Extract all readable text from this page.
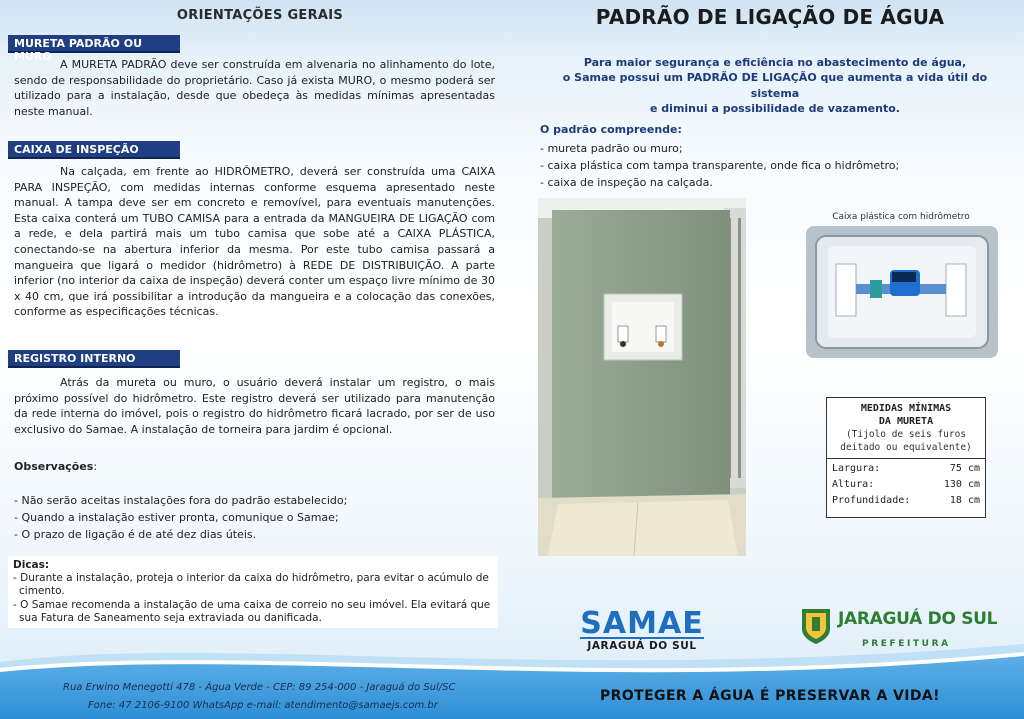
ORIENTAÇÕES GERAIS
MURETA PADRÃO OU MURO
A MURETA PADRÃO deve ser construída em alvenaria no alinhamento do lote, sendo de responsabilidade do proprietário. Caso já exista MURO, o mesmo poderá ser utilizado para a instalação, desde que obedeça às medidas mínimas apresentadas neste manual.
CAIXA DE INSPEÇÃO
Na calçada, em frente ao HIDRÔMETRO, deverá ser construída uma CAIXA PARA INSPEÇÃO, com medidas internas conforme esquema apresentado neste manual. A tampa deve ser em concreto e removível, para eventuais manutenções. Esta caixa conterá um TUBO CAMISA para a entrada da MANGUEIRA DE LIGAÇÃO com a rede, e dela partirá mais um tubo camisa que sobe até a CAIXA PLÁSTICA, conectando-se na abertura inferior da mesma. Por este tubo camisa passará a mangueira que ligará o medidor (hidrômetro) à REDE DE DISTRIBUIÇÃO. A parte inferior (no interior da caixa de inspeção) deverá conter um espaço livre mínimo de 30 x 40 cm, que irá possibilitar a introdução da mangueira e a colocação das conexões, conforme as especificações técnicas.
REGISTRO INTERNO
Atrás da mureta ou muro, o usuário deverá instalar um registro, o mais próximo possível do hidrômetro. Este registro deverá ser utilizado para manutenção da rede interna do imóvel, pois o registro do hidrômetro ficará lacrado, por ser de uso exclusivo do Samae. A instalação de torneira para jardim é opcional.
Observações:
- Não serão aceitas instalações fora do padrão estabelecido;
- Quando a instalação estiver pronta, comunique o Samae;
- O prazo de ligação é de até dez dias úteis.
Dicas:
- Durante a instalação, proteja o interior da caixa do hidrômetro, para evitar o acúmulo de
cimento.
- O Samae recomenda a instalação de uma caixa de correio no seu imóvel. Ela evitará que
sua Fatura de Saneamento seja extraviada ou danificada.
PADRÃO DE LIGAÇÃO DE ÁGUA
Para maior segurança e eficiência no abastecimento de água,
o Samae possui um PADRÃO DE LIGAÇÃO que aumenta a vida útil do sistema
e diminui a possibilidade de vazamento.
O padrão compreende:
- mureta padrão ou muro;
- caixa plástica com tampa transparente, onde fica o hidrômetro;
- caixa de inspeção na calçada.
Caixa plástica com hidrômetro
MEDIDAS MÍNIMAS
DA MURETA
(Tijolo de seis furos
deitado ou equivalente)
Largura:	75 cm
Altura:	130 cm
Profundidade:	18 cm
SAMAE
JARAGUÁ DO SUL
JARAGUÁ DO SUL
PREFEITURA
Rua Erwino Menegotti 478 - Água Verde - CEP: 89 254-000 - Jaraguá do Sul/SC
Fone: 47 2106-9100 WhatsApp e-mail: atendimento@samaejs.com.br
PROTEGER A ÁGUA É PRESERVAR A VIDA!
